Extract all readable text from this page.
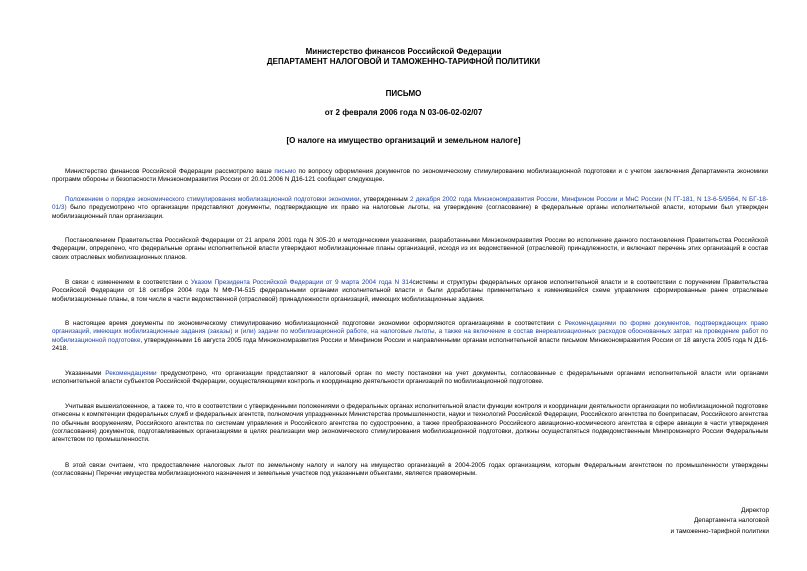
Министерство финансов Российской Федерации
ДЕПАРТАМЕНТ НАЛОГОВОЙ И ТАМОЖЕННО-ТАРИФНОЙ ПОЛИТИКИ
ПИСЬМО
от 2 февраля 2006 года N 03-06-02-02/07
[О налоге на имущество организаций и земельном налоге]
Министерство финансов Российской Федерации рассмотрело ваше письмо по вопросу оформления документов по экономическому стимулированию мобилизационной подготовки и с учетом заключения Департамента экономики программ обороны и безопасности Минэкономразвития России от 20.01.2006 N Д16-121 сообщает следующее.
Положением о порядке экономического стимулирования мобилизационной подготовки экономики, утвержденным 2 декабря 2002 года Минэкономразвития России, Минфином России и МнС России (N ГГ-181, N 13-6-5/9564, N БГ-18-01/3) было предусмотрено что организации представляют документы, подтверждающие их право на налоговые льготы, на утверждение (согласование) в федеральные органы исполнительной власти, которыми был утвержден мобилизационный план организации.
Постановлением Правительства Российской Федерации от 21 апреля 2001 года N 305-20 и методическими указаниями, разработанными Минэкономразвития России во исполнение данного постановления Правительства Российской Федерации, определено, что федеральные органы исполнительной власти утверждают мобилизационные планы организаций, исходя из их ведомственной (отраслевой) принадлежности, и включают перечень этих организаций в состав своих отраслевых мобилизационных планов.
В связи с изменением в соответствии с Указом Президента Российской Федерации от 9 марта 2004 года N 314системы и структуры федеральных органов исполнительной власти и в соответствии с поручением Правительства Российской Федерации от 18 октября 2004 года N МФ-П4-515 федеральными органами исполнительной власти и были доработаны применительно к изменившейся схеме управления сформированные ранее отраслевые мобилизационные планы, в том числе в части ведомственной (отраслевой) принадлежности организаций, имеющих мобилизационные задания.
В настоящее время документы по экономическому стимулированию мобилизационной подготовки экономики оформляются организациями в соответствии с Рекомендациями по форме документов, подтверждающих право организаций, имеющих мобилизационные задания (заказы) и (или) задачи по мобилизационной работе, на налоговые льготы, а также на включение в состав внереализационных расходов обоснованных затрат на проведение работ по мобилизационной подготовке, утвержденными 16 августа 2005 года Минэкономразвития России и Минфином России и направленными органам исполнительной власти письмом Минэкономразвития России от 18 августа 2005 года N Д16-2418.
Указанными Рекомендациями предусмотрено, что организации представляют в налоговый орган по месту постановки на учет документы, согласованные с федеральными органами исполнительной власти или органами исполнительной власти субъектов Российской Федерации, осуществляющими контроль и координацию деятельности организаций по мобилизационной подготовке.
Учитывая вышеизложенное, а также то, что в соответствии с утвержденными положениями о федеральных органах исполнительной власти функции контроля и координации деятельности организации по мобилизационной подготовке отнесены к компетенции федеральных служб и федеральных агентств, полномочия упраздненных Министерства промышленности, науки и технологий Российской Федерации, Российского агентства по боеприпасам, Российского агентства по обычным вооружениям, Российского агентства по системам управления и Российского агентства по судостроению, а также преобразованного Российского авиационно-космического агентства в сфере авиации в части утверждения (согласования) документов, подготавливаемых организациями в целях реализации мер экономического стимулирования мобилизационной подготовки, должны осуществляться подведомственным Минпромэнерго России Федеральным агентством по промышленности.
В этой связи считаем, что предоставление налоговых льгот по земельному налогу и налогу на имущество организаций в 2004-2005 годах организациям, которым Федеральным агентством по промышленности утверждены (согласованы) Перечни имущества мобилизационного назначения и земельные участков под указанными объектами, является правомерным.
Директор
Департамента налоговой
и таможенно-тарифной политики
